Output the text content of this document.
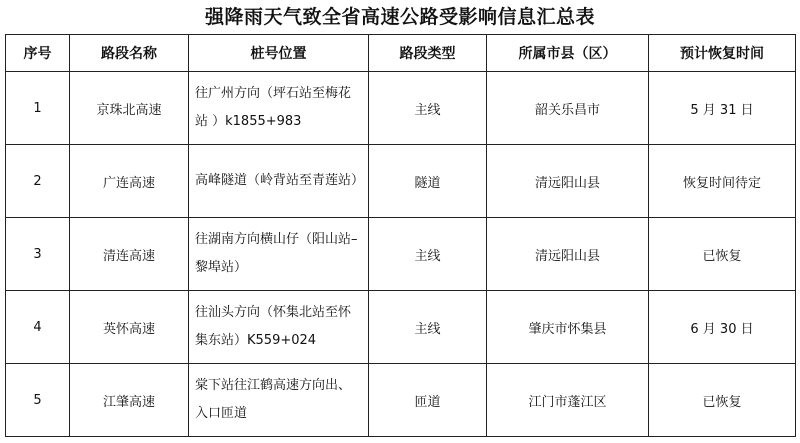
强降雨天气致全省高速公路受影响信息汇总表
序号	路段名称	桩号位置	路段类型	所属市县（区）	预计恢复时间
1	京珠北高速	往广州方向（坪石站至梅花站 ）k1855+983	主线	韶关乐昌市	5 月 31 日
2	广连高速	高峰隧道（岭背站至青莲站）	隧道	清远阳山县	恢复时间待定
3	清连高速	往湖南方向横山仔（阳山站–黎埠站）	主线	清远阳山县	已恢复
4	英怀高速	往汕头方向（怀集北站至怀集东站）K559+024	主线	肇庆市怀集县	6 月 30 日
5	江肇高速	棠下站往江鹤高速方向出、入口匝道	匝道	江门市蓬江区	已恢复
